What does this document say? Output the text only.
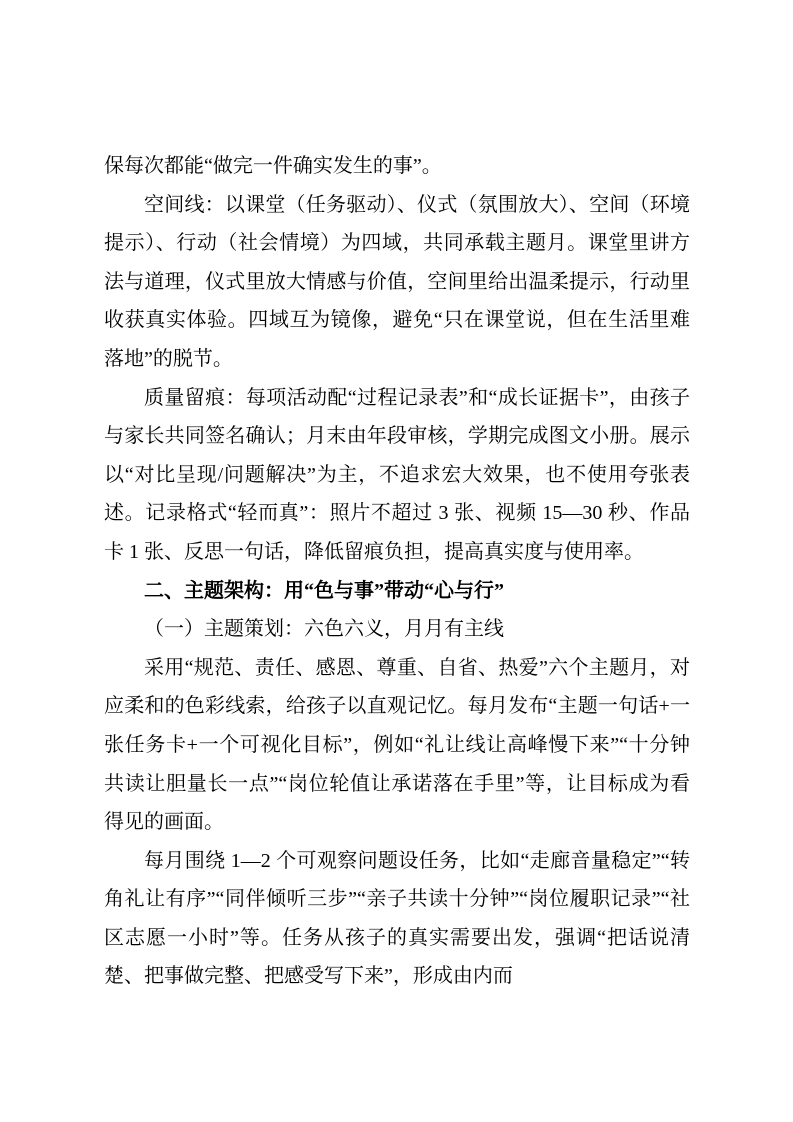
保每次都能“做完一件确实发生的事”。

空间线：以课堂（任务驱动）、仪式（氛围放大）、空间（环境提示）、行动（社会情境）为四域，共同承载主题月。课堂里讲方法与道理，仪式里放大情感与价值，空间里给出温柔提示，行动里收获真实体验。四域互为镜像，避免“只在课堂说，但在生活里难落地”的脱节。

质量留痕：每项活动配“过程记录表”和“成长证据卡”，由孩子与家长共同签名确认；月末由年段审核，学期完成图文小册。展示以“对比呈现/问题解决”为主，不追求宏大效果，也不使用夸张表述。记录格式“轻而真”：照片不超过 3 张、视频 15—30 秒、作品卡 1 张、反思一句话，降低留痕负担，提高真实度与使用率。

二、主题架构：用“色与事”带动“心与行”

（一）主题策划：六色六义，月月有主线

采用“规范、责任、感恩、尊重、自省、热爱”六个主题月，对应柔和的色彩线索，给孩子以直观记忆。每月发布“主题一句话+一张任务卡+一个可视化目标”，例如“礼让线让高峰慢下来”“十分钟共读让胆量长一点”“岗位轮值让承诺落在手里”等，让目标成为看得见的画面。

每月围绕 1—2 个可观察问题设任务，比如“走廊音量稳定”“转角礼让有序”“同伴倾听三步”“亲子共读十分钟”“岗位履职记录”“社区志愿一小时”等。任务从孩子的真实需要出发，强调“把话说清楚、把事做完整、把感受写下来”，形成由内而
